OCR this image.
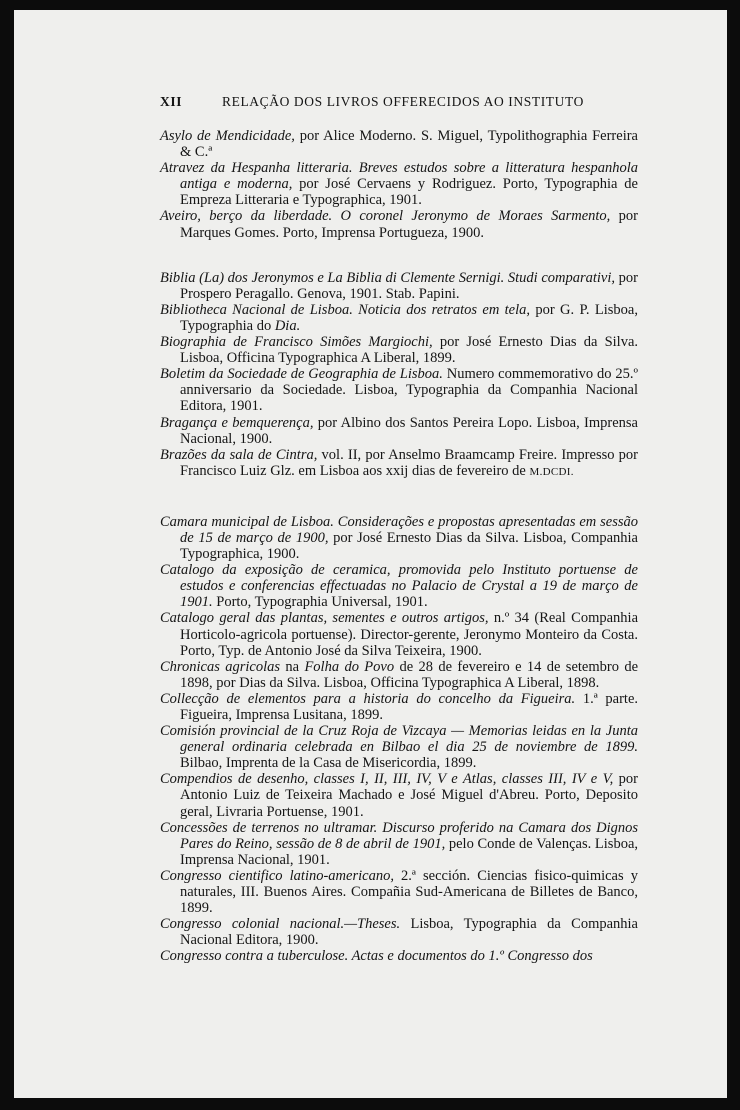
XII	RELAÇÃO DOS LIVROS OFFERECIDOS AO INSTITUTO

Asylo de Mendicidade, por Alice Moderno. S. Miguel, Typolithographia Ferreira & C.ª

Atravez da Hespanha litteraria. Breves estudos sobre a litteratura hespanhola antiga e moderna, por José Cervaens y Rodriguez. Porto, Typographia de Empreza Litteraria e Typographica, 1901.

Aveiro, berço da liberdade. O coronel Jeronymo de Moraes Sarmento, por Marques Gomes. Porto, Imprensa Portugueza, 1900.

Biblia (La) dos Jeronymos e La Biblia di Clemente Sernigi. Studi comparativi, por Prospero Peragallo. Genova, 1901. Stab. Papini.

Bibliotheca Nacional de Lisboa. Noticia dos retratos em tela, por G. P. Lisboa, Typographia do Dia.

Biographia de Francisco Simões Margiochi, por José Ernesto Dias da Silva. Lisboa, Officina Typographica A Liberal, 1899.

Boletim da Sociedade de Geographia de Lisboa. Numero commemorativo do 25.º anniversario da Sociedade. Lisboa, Typographia da Companhia Nacional Editora, 1901.

Bragança e bemquerença, por Albino dos Santos Pereira Lopo. Lisboa, Imprensa Nacional, 1900.

Brazões da sala de Cintra, vol. II, por Anselmo Braamcamp Freire. Impresso por Francisco Luiz Glz. em Lisboa aos xxij dias de fevereiro de M.DCDI.

Camara municipal de Lisboa. Considerações e propostas apresentadas em sessão de 15 de março de 1900, por José Ernesto Dias da Silva. Lisboa, Companhia Typographica, 1900.

Catalogo da exposição de ceramica, promovida pelo Instituto portuense de estudos e conferencias effectuadas no Palacio de Crystal a 19 de março de 1901. Porto, Typographia Universal, 1901.

Catalogo geral das plantas, sementes e outros artigos, n.º 34 (Real Companhia Horticolo-agricola portuense). Director-gerente, Jeronymo Monteiro da Costa. Porto, Typ. de Antonio José da Silva Teixeira, 1900.

Chronicas agricolas na Folha do Povo de 28 de fevereiro e 14 de setembro de 1898, por Dias da Silva. Lisboa, Officina Typographica A Liberal, 1898.

Collecção de elementos para a historia do concelho da Figueira. 1.ª parte. Figueira, Imprensa Lusitana, 1899.

Comisión provincial de la Cruz Roja de Vizcaya — Memorias leidas en la Junta general ordinaria celebrada en Bilbao el dia 25 de noviembre de 1899. Bilbao, Imprenta de la Casa de Misericordia, 1899.

Compendios de desenho, classes I, II, III, IV, V e Atlas, classes III, IV e V, por Antonio Luiz de Teixeira Machado e José Miguel d'Abreu. Porto, Deposito geral, Livraria Portuense, 1901.

Concessões de terrenos no ultramar. Discurso proferido na Camara dos Dignos Pares do Reino, sessão de 8 de abril de 1901, pelo Conde de Valenças. Lisboa, Imprensa Nacional, 1901.

Congresso cientifico latino-americano, 2.ª sección. Ciencias fisico-quimicas y naturales, III. Buenos Aires. Compañia Sud-Americana de Billetes de Banco, 1899.

Congresso colonial nacional.—Theses. Lisboa, Typographia da Companhia Nacional Editora, 1900.

Congresso contra a tuberculose. Actas e documentos do 1.º Congresso dos
